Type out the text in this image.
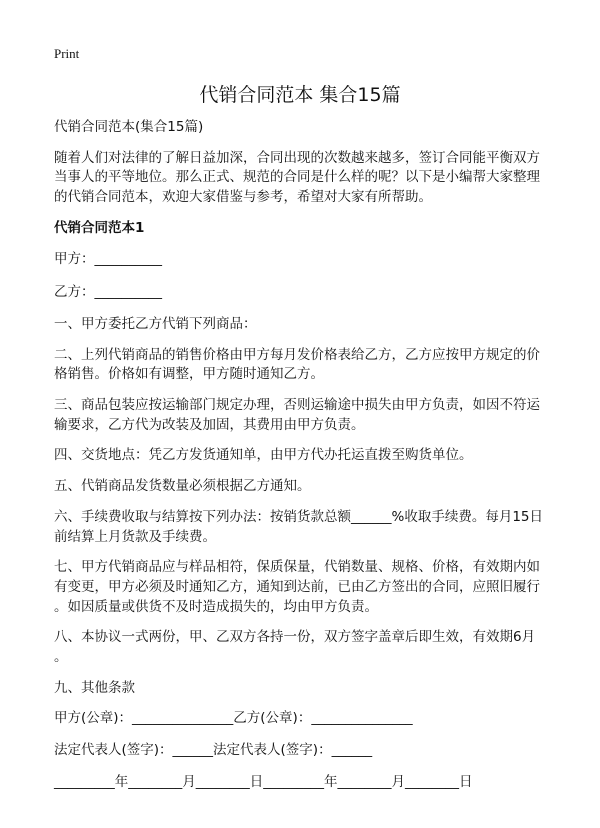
Print
代销合同范本 集合15篇

代销合同范本(集合15篇)

随着人们对法律的了解日益加深，合同出现的次数越来越多，签订合同能平衡双方
当事人的平等地位。那么正式、规范的合同是什么样的呢？以下是小编帮大家整理
的代销合同范本，欢迎大家借鉴与参考，希望对大家有所帮助。

代销合同范本1

甲方：__________

乙方：__________

一、甲方委托乙方代销下列商品：

二、上列代销商品的销售价格由甲方每月发价格表给乙方，乙方应按甲方规定的价
格销售。价格如有调整，甲方随时通知乙方。

三、商品包装应按运输部门规定办理，否则运输途中损失由甲方负责，如因不符运
输要求，乙方代为改装及加固，其费用由甲方负责。

四、交货地点：凭乙方发货通知单，由甲方代办托运直拨至购货单位。

五、代销商品发货数量必须根据乙方通知。

六、手续费收取与结算按下列办法：按销货款总额______%收取手续费。每月15日
前结算上月货款及手续费。

七、甲方代销商品应与样品相符，保质保量，代销数量、规格、价格，有效期内如
有变更，甲方必须及时通知乙方，通知到达前，已由乙方签出的合同，应照旧履行
。如因质量或供货不及时造成损失的，均由甲方负责。

八、本协议一式两份，甲、乙双方各持一份，双方签字盖章后即生效，有效期6月
。

九、其他条款

甲方(公章)：_______________乙方(公章)：_______________

法定代表人(签字)：______法定代表人(签字)：______

_________年________月________日_________年________月________日
